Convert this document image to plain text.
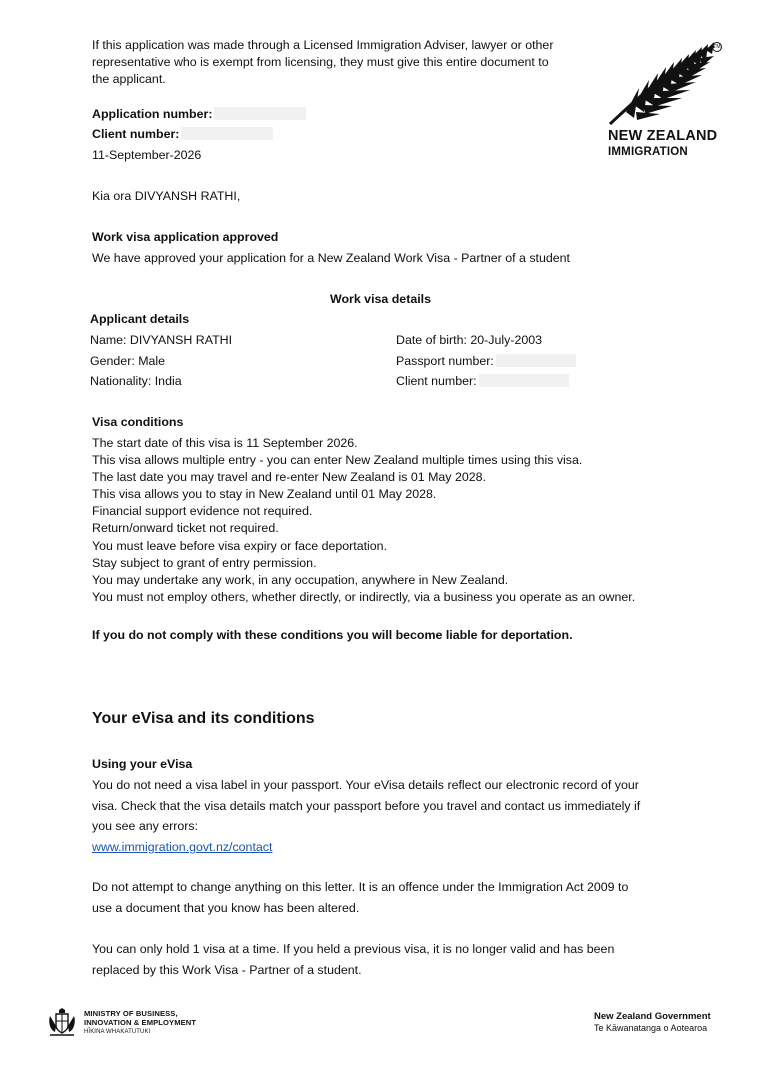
TM
NEW ZEALAND
IMMIGRATION
If this application was made through a Licensed Immigration Adviser, lawyer or other
representative who is exempt from licensing, they must give this entire document to
the applicant.
Application number:
Client number:
11-September-2026
Kia ora DIVYANSH RATHI,
Work visa application approved
We have approved your application for a New Zealand Work Visa - Partner of a student
Work visa details
Applicant details
Name: DIVYANSH RATHI
Gender: Male
Nationality: India
Date of birth: 20-July-2003
Passport number:
Client number:
Visa conditions
The start date of this visa is 11 September 2026.
This visa allows multiple entry - you can enter New Zealand multiple times using this visa.
The last date you may travel and re-enter New Zealand is 01 May 2028.
This visa allows you to stay in New Zealand until 01 May 2028.
Financial support evidence not required.
Return/onward ticket not required.
You must leave before visa expiry or face deportation.
Stay subject to grant of entry permission.
You may undertake any work, in any occupation, anywhere in New Zealand.
You must not employ others, whether directly, or indirectly, via a business you operate as an owner.
If you do not comply with these conditions you will become liable for deportation.
Your eVisa and its conditions
Using your eVisa
You do not need a visa label in your passport. Your eVisa details reflect our electronic record of your
visa. Check that the visa details match your passport before you travel and contact us immediately if
you see any errors:
www.immigration.govt.nz/contact
Do not attempt to change anything on this letter. It is an offence under the Immigration Act 2009 to
use a document that you know has been altered.
You can only hold 1 visa at a time. If you held a previous visa, it is no longer valid and has been
replaced by this Work Visa - Partner of a student.
MINISTRY OF BUSINESS,
INNOVATION & EMPLOYMENT
HĪKINA WHAKATUTUKI
New Zealand Government
Te Kāwanatanga o Aotearoa
